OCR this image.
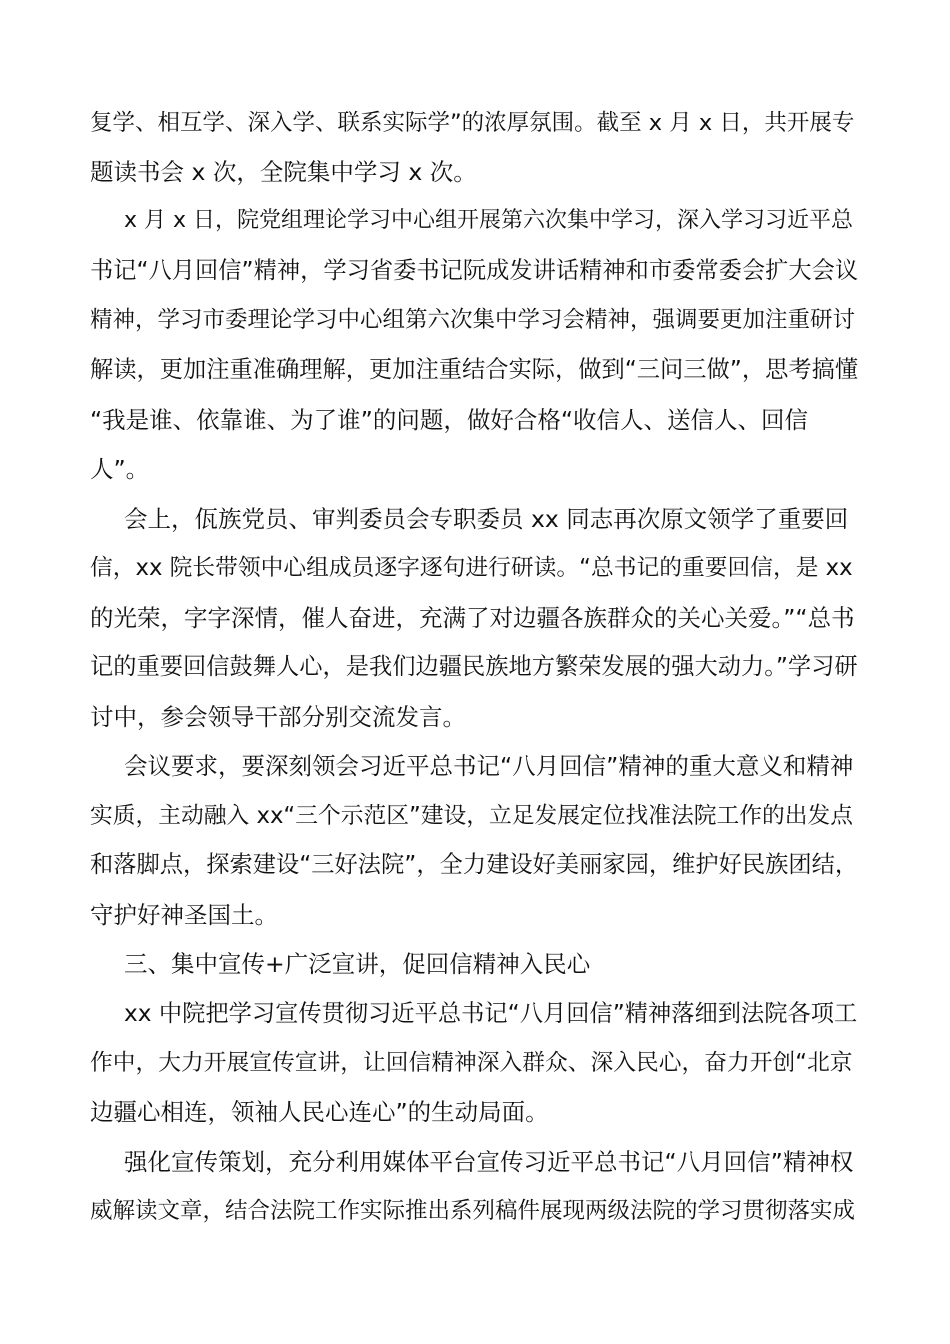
复学、相互学、深入学、联系实际学”的浓厚氛围。截至 x 月 x 日，共开展专
题读书会 x 次，全院集中学习 x 次。
x 月 x 日，院党组理论学习中心组开展第六次集中学习，深入学习习近平总
书记“八月回信”精神，学习省委书记阮成发讲话精神和市委常委会扩大会议
精神，学习市委理论学习中心组第六次集中学习会精神，强调要更加注重研讨
解读，更加注重准确理解，更加注重结合实际，做到“三问三做”，思考搞懂
“我是谁、依靠谁、为了谁”的问题，做好合格“收信人、送信人、回信
人”。
会上，佤族党员、审判委员会专职委员 xx 同志再次原文领学了重要回
信，xx 院长带领中心组成员逐字逐句进行研读。“总书记的重要回信，是 xx
的光荣，字字深情，催人奋进，充满了对边疆各族群众的关心关爱。”“总书
记的重要回信鼓舞人心，是我们边疆民族地方繁荣发展的强大动力。”学习研
讨中，参会领导干部分别交流发言。
会议要求，要深刻领会习近平总书记“八月回信”精神的重大意义和精神
实质，主动融入 xx“三个示范区”建设，立足发展定位找准法院工作的出发点
和落脚点，探索建设“三好法院”，全力建设好美丽家园，维护好民族团结，
守护好神圣国土。
三、集中宣传+广泛宣讲，促回信精神入民心
xx 中院把学习宣传贯彻习近平总书记“八月回信”精神落细到法院各项工
作中，大力开展宣传宣讲，让回信精神深入群众、深入民心，奋力开创“北京
边疆心相连，领袖人民心连心”的生动局面。
强化宣传策划，充分利用媒体平台宣传习近平总书记“八月回信”精神权
威解读文章，结合法院工作实际推出系列稿件展现两级法院的学习贯彻落实成
